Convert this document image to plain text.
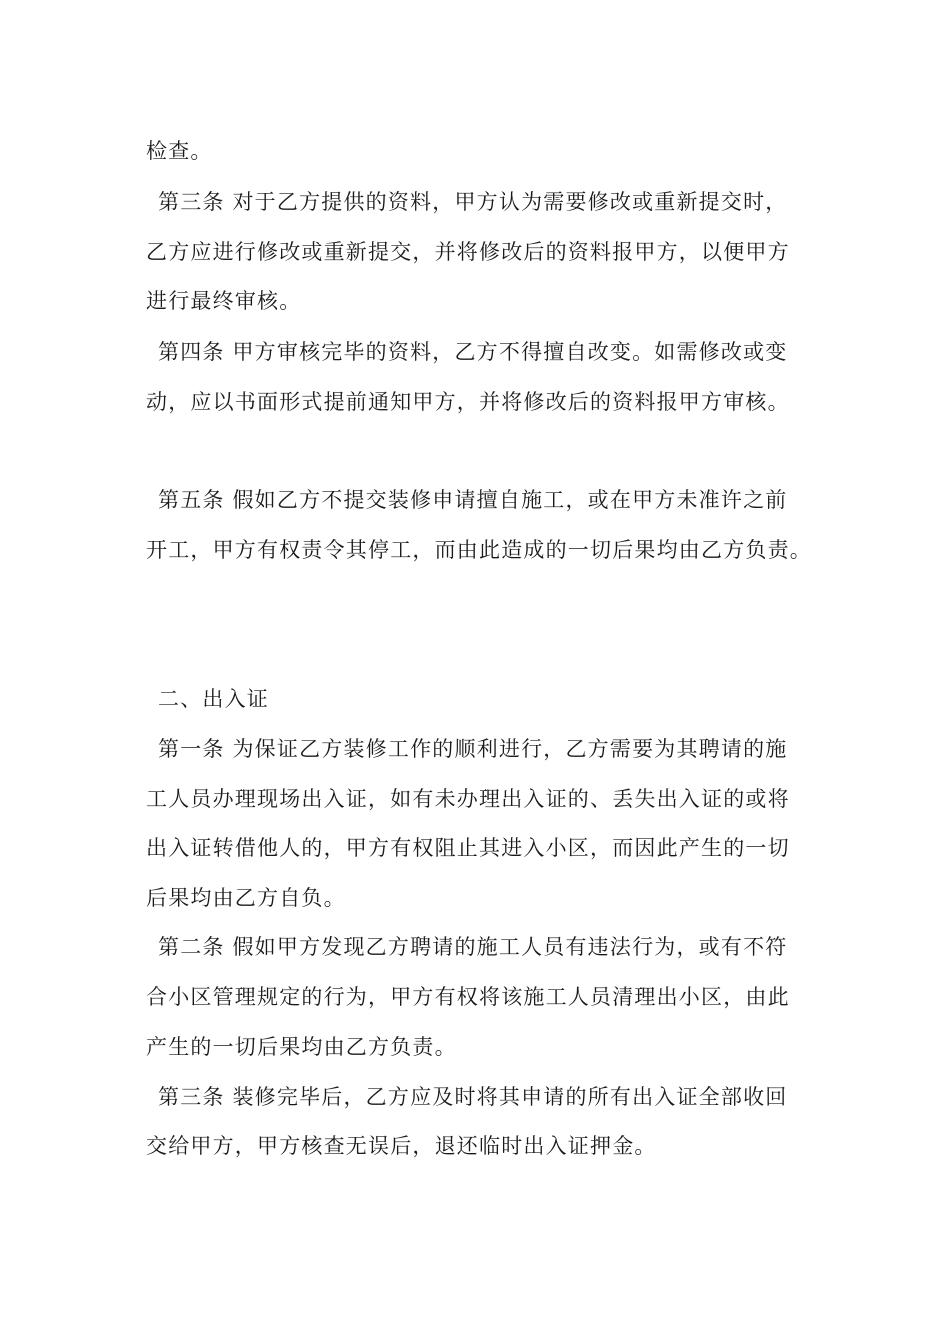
检查。
第三条 对于乙方提供的资料，甲方认为需要修改或重新提交时，
乙方应进行修改或重新提交，并将修改后的资料报甲方，以便甲方
进行最终审核。
第四条 甲方审核完毕的资料，乙方不得擅自改变。如需修改或变
动，应以书面形式提前通知甲方，并将修改后的资料报甲方审核。
第五条 假如乙方不提交装修申请擅自施工，或在甲方未准许之前
开工，甲方有权责令其停工，而由此造成的一切后果均由乙方负责。
二、出入证
第一条 为保证乙方装修工作的顺利进行，乙方需要为其聘请的施
工人员办理现场出入证，如有未办理出入证的、丢失出入证的或将
出入证转借他人的，甲方有权阻止其进入小区，而因此产生的一切
后果均由乙方自负。
第二条 假如甲方发现乙方聘请的施工人员有违法行为，或有不符
合小区管理规定的行为，甲方有权将该施工人员清理出小区，由此
产生的一切后果均由乙方负责。
第三条 装修完毕后，乙方应及时将其申请的所有出入证全部收回
交给甲方，甲方核查无误后，退还临时出入证押金。
